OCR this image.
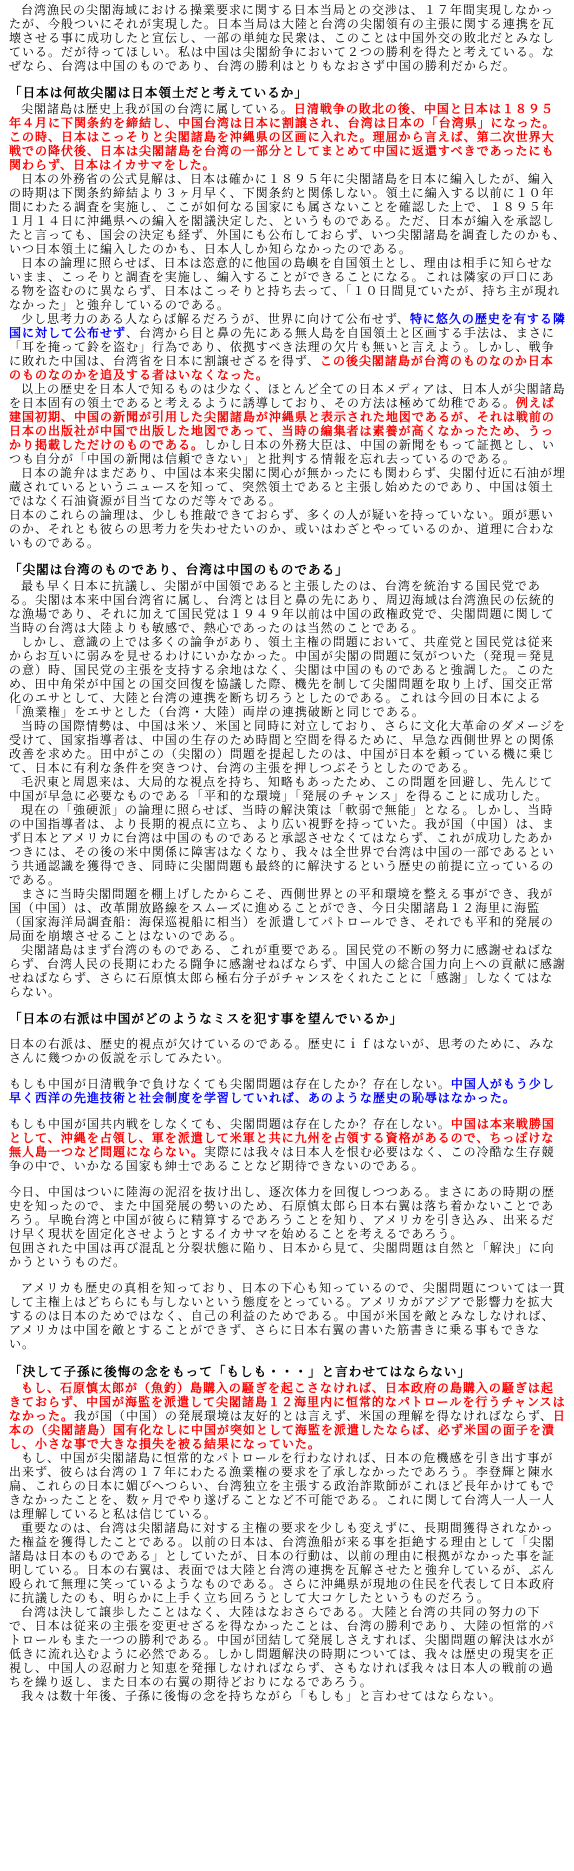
台湾漁民の尖閣海域における操業要求に関する日本当局との交渉は、１７年間実現しなかったが、今般ついにそれが実現した。日本当局は大陸と台湾の尖閣領有の主張に関する連携を瓦壊させる事に成功したと宣伝し、一部の単純な民衆は、このことは中国外交の敗北だとみなしている。だが待ってほしい。私は中国は尖閣紛争において２つの勝利を得たと考えている。なぜなら、台湾は中国のものであり、台湾の勝利はとりもなおさず中国の勝利だからだ。

「日本は何故尖閣は日本領土だと考えているか」

尖閣諸島は歴史上我が国の台湾に属している。日清戦争の敗北の後、中国と日本は１８９５年４月に下関条約を締結し、中国台湾は日本に割譲され、台湾は日本の「台湾県」になった。この時、日本はこっそりと尖閣諸島を沖縄県の区画に入れた。理屈から言えば、第二次世界大戦での降伏後、日本は尖閣諸島を台湾の一部分としてまとめて中国に返還すべきであったにも関わらず、日本はイカサマをした。

日本の外務省の公式見解は、日本は確かに１８９５年に尖閣諸島を日本に編入したが、編入の時期は下関条約締結より３ヶ月早く、下関条約と関係しない。領土に編入する以前に１０年間にわたる調査を実施し、ここが如何なる国家にも属さないことを確認した上で、１８９５年１月１４日に沖縄県への編入を閣議決定した、というものである。ただ、日本が編入を承認したと言っても、国会の決定も経ず、外国にも公布しておらず、いつ尖閣諸島を調査したのかも、いつ日本領土に編入したのかも、日本人しか知らなかったのである。

日本の論理に照らせば、日本は恣意的に他国の島嶼を自国領土とし、理由は相手に知らせないまま、こっそりと調査を実施し、編入することができることになる。これは隣家の戸口にある物を盗むのに異ならず、日本はこっそりと持ち去って、「１０日間見ていたが、持ち主が現れなかった」と強弁しているのである。

少し思考力のある人ならば解るだろうが、世界に向けて公布せず、特に悠久の歴史を有する隣国に対して公布せず、台湾から目と鼻の先にある無人島を自国領土と区画する手法は、まさに「耳を掩って鈴を盗む」行為であり、依拠すべき法理の欠片も無いと言えよう。しかし、戦争に敗れた中国は、台湾省を日本に割譲せざるを得ず、この後尖閣諸島が台湾のものなのか日本のものなのかを追及する者はいなくなった。

以上の歴史を日本人で知るものは少なく、ほとんど全ての日本メディアは、日本人が尖閣諸島を日本固有の領土であると考えるように誘導しており、その方法は極めて幼稚である。例えば建国初期、中国の新聞が引用した尖閣諸島が沖縄県と表示された地図であるが、それは戦前の日本の出版社が中国で出版した地図であって、当時の編集者は素養が高くなかったため、うっかり掲載しただけのものである。しかし日本の外務大臣は、中国の新聞をもって証拠とし、いつも自分が「中国の新聞は信頼できない」と批判する情報を忘れ去っているのである。

日本の詭弁はまだあり、中国は本来尖閣に関心が無かったにも関わらず、尖閣付近に石油が埋蔵されているというニュースを知って、突然領土であると主張し始めたのであり、中国は領土ではなく石油資源が目当てなのだ等々である。

日本のこれらの論理は、少しも推敲できておらず、多くの人が疑いを持っていない。頭が悪いのか、それとも彼らの思考力を失わせたいのか、或いはわざとやっているのか、道理に合わないものである。

「尖閣は台湾のものであり、台湾は中国のものである」

最も早く日本に抗議し、尖閣が中国領であると主張したのは、台湾を統治する国民党である。尖閣は本来中国台湾省に属し、台湾とは目と鼻の先にあり、周辺海域は台湾漁民の伝統的な漁場であり、それに加えて国民党は１９４９年以前は中国の政権政党で、尖閣問題に関して当時の台湾は大陸よりも敏感で、熱心であったのは当然のことである。

しかし、意識の上では多くの論争があり、領土主権の問題において、共産党と国民党は従来からお互いに弱みを見せるわけにいかなかった。中国が尖閣の問題に気がついた（発現＝発見の意）時、国民党の主張を支持する余地はなく、尖閣は中国のものであると強調した。このため、田中角栄が中国との国交回復を協議した際、機先を制して尖閣問題を取り上げ、国交正常化のエサとして、大陸と台湾の連携を断ち切ろうとしたのである。これは今回の日本による「漁業権」をエサとした（台湾・大陸）両岸の連携破断と同じである。

当時の国際情勢は、中国は米ソ、米国と同時に対立しており、さらに文化大革命のダメージを受けて、国家指導者は、中国の生存のため時間と空間を得るために、早急な西側世界との関係改善を求めた。田中がこの（尖閣の）問題を提起したのは、中国が日本を頼っている機に乗じて、日本に有利な条件を突きつけ、台湾の主張を押しつぶそうとしたのである。

毛沢東と周恩来は、大局的な視点を持ち、知略もあったため、この問題を回避し、先んじて中国が早急に必要なものである「平和的な環境」「発展のチャンス」を得ることに成功した。

現在の「強硬派」の論理に照らせば、当時の解決策は「軟弱で無能」となる。しかし、当時の中国指導者は、より長期的視点に立ち、より広い視野を持っていた。我が国（中国）は、まず日本とアメリカに台湾は中国のものであると承認させなくてはならず、これが成功したあかつきには、その後の米中関係に障害はなくなり、我々は全世界で台湾は中国の一部であるという共通認識を獲得でき、同時に尖閣問題も最終的に解決するという歴史の前提に立っているのである。

まさに当時尖閣問題を棚上げしたからこそ、西側世界との平和環境を整える事ができ、我が国（中国）は、改革開放路線をスムーズに進めることができ、今日尖閣諸島１２海里に海監（国家海洋局調査船：海保巡視船に相当）を派遣してパトロールでき、それでも平和的発展の局面を崩壊させることはないのである。

尖閣諸島はまず台湾のものである、これが重要である。国民党の不断の努力に感謝せねばならず、台湾人民の長期にわたる闘争に感謝せねばならず、中国人の総合国力向上への貢献に感謝せねばならず、さらに石原慎太郎ら極右分子がチャンスをくれたことに「感謝」しなくてはならない。

「日本の右派は中国がどのようなミスを犯す事を望んでいるか」

日本の右派は、歴史的視点が欠けているのである。歴史にｉｆはないが、思考のために、みなさんに幾つかの仮説を示してみたい。

もしも中国が日清戦争で負けなくても尖閣問題は存在したか？存在しない。中国人がもう少し早く西洋の先進技術と社会制度を学習していれば、あのような歴史の恥辱はなかった。

もしも中国が国共内戦をしなくても、尖閣問題は存在したか？存在しない。中国は本来戦勝国として、沖縄を占領し、軍を派遣して米軍と共に九州を占領する資格があるので、ちっぽけな無人島一つなど問題にならない。実際には我々は日本人を恨む必要はなく、この冷酷な生存競争の中で、いかなる国家も紳士であることなど期待できないのである。

今日、中国はついに陸海の泥沼を抜け出し、逐次体力を回復しつつある。まさにあの時期の歴史を知ったので、また中国発展の勢いのため、石原慎太郎ら日本右翼は落ち着かないことであろう。早晩台湾と中国が彼らに精算するであろうことを知り、アメリカを引き込み、出来るだけ早く現状を固定化させようとするイカサマを始めることを考えるであろう。

包囲された中国は再び混乱と分裂状態に陥り、日本から見て、尖閣問題は自然と「解決」に向かうというものだ。

アメリカも歴史の真相を知っており、日本の下心も知っているので、尖閣問題については一貫して主権上はどちらにも与しないという態度をとっている。アメリカがアジアで影響力を拡大するのは日本のためではなく、自己の利益のためである。中国が米国を敵とみなしなければ、アメリカは中国を敵とすることができず、さらに日本右翼の書いた筋書きに乗る事もできない。

「決して子孫に後悔の念をもって「もしも・・・」と言わせてはならない」

もし、石原慎太郎が（魚釣）島購入の騒ぎを起こさなければ、日本政府の島購入の騒ぎは起きておらず、中国が海監を派遣して尖閣諸島１２海里内に恒常的なパトロールを行うチャンスはなかった。我が国（中国）の発展環境は友好的とは言えず、米国の理解を得なければならず、日本の（尖閣諸島）国有化なしに中国が突如として海監を派遣したならば、必ず米国の面子を潰し、小さな事で大きな損失を被る結果になっていた。

もし、中国が尖閣諸島に恒常的なパトロールを行わなければ、日本の危機感を引き出す事が出来ず、彼らは台湾の１７年にわたる漁業権の要求を了承しなかったであろう。李登輝と陳水扁、これらの日本に媚びへつらい、台湾独立を主張する政治詐欺師がこれほど長年かけてもできなかったことを、数ヶ月でやり遂げることなど不可能である。これに関して台湾人一人一人は理解していると私は信じている。

重要なのは、台湾は尖閣諸島に対する主権の要求を少しも変えずに、長期間獲得されなかった権益を獲得したことである。以前の日本は、台湾漁船が来る事を拒絶する理由として「尖閣諸島は日本のものである」としていたが、日本の行動は、以前の理由に根拠がなかった事を証明している。日本の右翼は、表面では大陸と台湾の連携を瓦解させたと強弁しているが、ぶん殴られて無理に笑っているようなものである。さらに沖縄県が現地の住民を代表して日本政府に抗議したのも、明らかに上手く立ち回ろうとして大コケしたというものだろう。

台湾は決して譲歩したことはなく、大陸はなおさらである。大陸と台湾の共同の努力の下で、日本は従来の主張を変更せざるを得なかったことは、台湾の勝利であり、大陸の恒常的パトロールもまた一つの勝利である。中国が団結して発展しさえすれば、尖閣問題の解決は水が低きに流れ込むように必然である。しかし問題解決の時期については、我々は歴史の現実を正視し、中国人の忍耐力と知恵を発揮しなければならず、さもなければ我々は日本人の戦前の過ちを繰り返し、また日本の右翼の期待どおりになるであろう。

我々は数十年後、子孫に後悔の念を持ちながら「もしも」と言わせてはならない。
